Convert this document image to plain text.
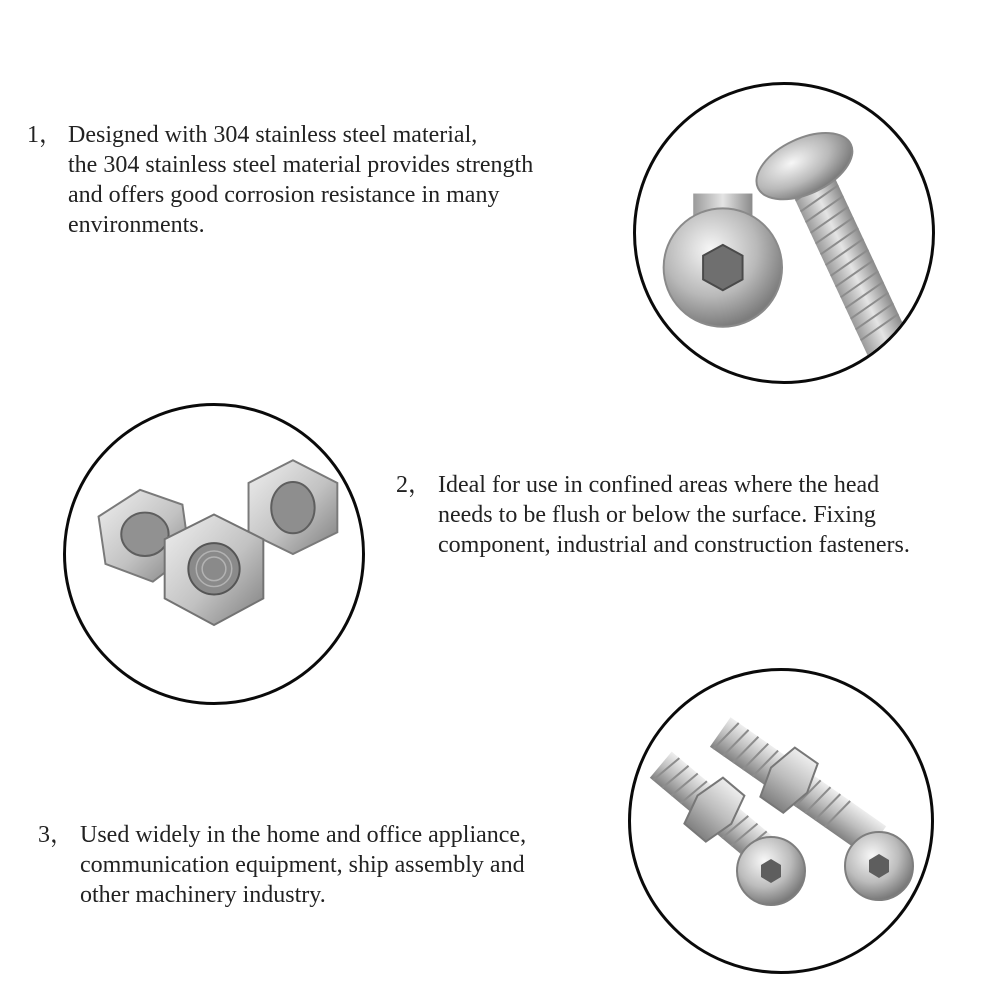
1， Designed with 304 stainless steel material,
the 304 stainless steel material provides strength
and offers good corrosion resistance in many
environments.
2， Ideal for use in confined areas where the head
needs to be flush or below the surface. Fixing
component, industrial and construction fasteners.
3， Used widely in the home and office appliance,
communication equipment, ship assembly and
other machinery industry.
